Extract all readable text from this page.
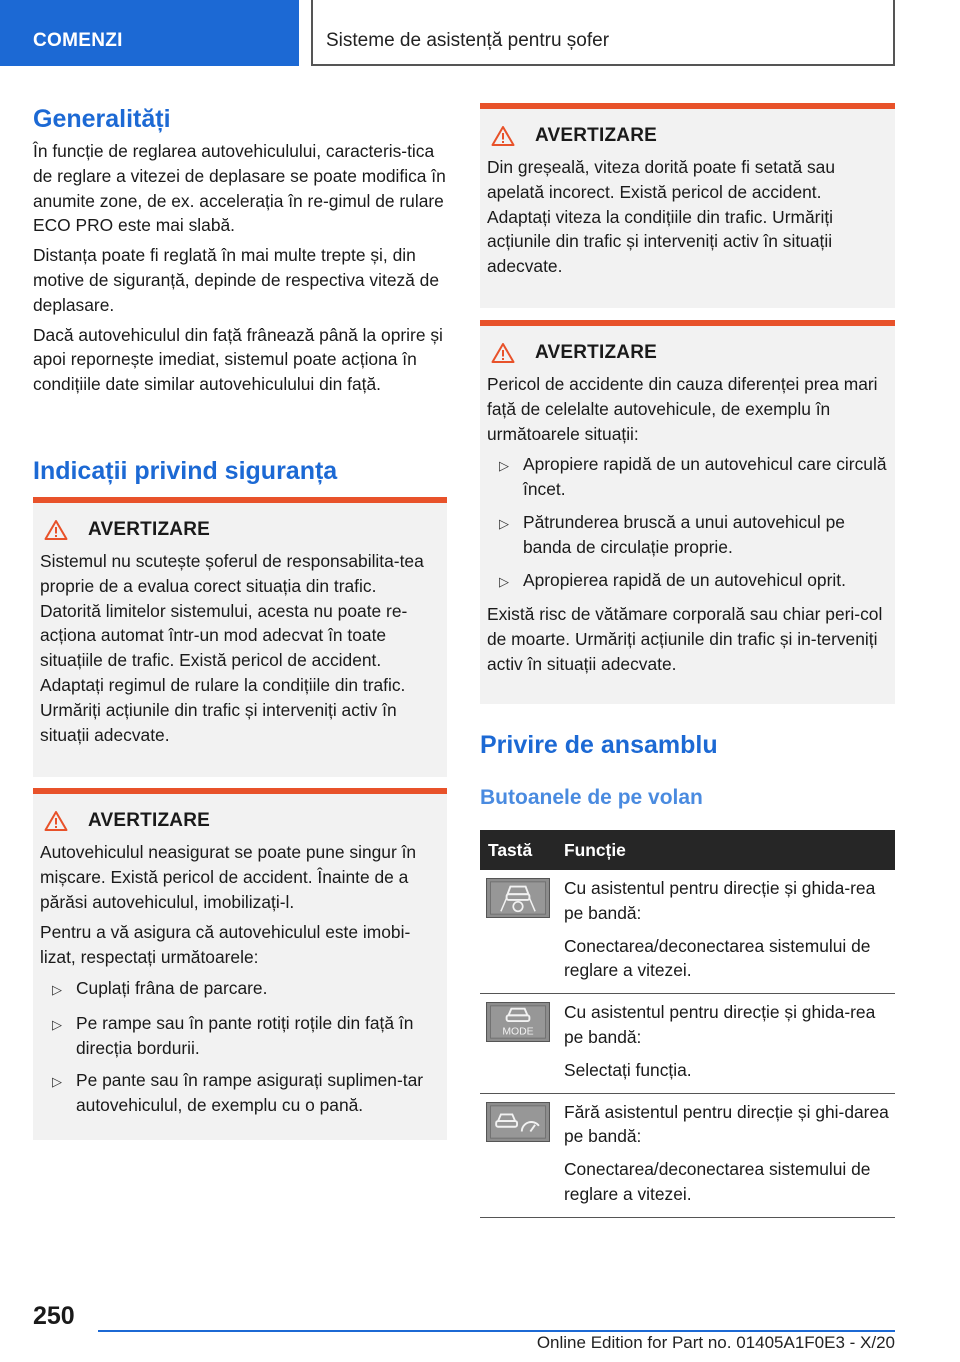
COMENZI	Sisteme de asistență pentru șofer
Generalități

În funcție de reglarea autovehiculului, caracteris-tica de reglare a vitezei de deplasare se poate modifica în anumite zone, de ex. accelerația în re-gimul de rulare ECO PRO este mai slabă.

Distanța poate fi reglată în mai multe trepte și, din motive de siguranță, depinde de respectiva viteză de deplasare.

Dacă autovehiculul din față frânează până la oprire și apoi repornește imediat, sistemul poate acționa în condițiile date similar autovehiculului din față.

Indicații privind siguranța
AVERTIZARE

Sistemul nu scutește șoferul de responsabilita-tea proprie de a evalua corect situația din trafic. Datorită limitelor sistemului, acesta nu poate re-acționa automat într-un mod adecvat în toate situațiile de trafic. Există pericol de accident. Adaptați regimul de rulare la condițiile din trafic. Urmăriți acțiunile din trafic și interveniți activ în situații adecvate.

AVERTIZARE

Autovehiculul neasigurat se poate pune singur în mișcare. Există pericol de accident. Înainte de a părăsi autovehiculul, imobilizați-l.

Pentru a vă asigura că autovehiculul este imobi-lizat, respectați următoarele:

▷ Cuplați frâna de parcare.
▷ Pe rampe sau în pante rotiți roțile din față în direcția bordurii.
▷ Pe pante sau în rampe asigurați suplimen-tar autovehiculul, de exemplu cu o pană.
AVERTIZARE

Din greșeală, viteza dorită poate fi setată sau apelată incorect. Există pericol de accident. Adaptați viteza la condițiile din trafic. Urmăriți acțiunile din trafic și interveniți activ în situații adecvate.

AVERTIZARE

Pericol de accidente din cauza diferenței prea mari față de celelalte autovehicule, de exemplu în următoarele situații:

▷ Apropiere rapidă de un autovehicul care circulă încet.
▷ Pătrunderea bruscă a unui autovehicul pe banda de circulație proprie.
▷ Apropierea rapidă de un autovehicul oprit.

Există risc de vătămare corporală sau chiar peri-col de moarte. Urmăriți acțiunile din trafic și in-terveniți activ în situații adecvate.

Privire de ansamblu
Butoanele de pe volan
Tastă	Funcție

Cu asistentul pentru direcție și ghida-rea pe bandă:
Conectarea/deconectarea sistemului de reglare a vitezei.

MODE	Cu asistentul pentru direcție și ghida-rea pe bandă:
Selectați funcția.

Fără asistentul pentru direcție și ghi-darea pe bandă:
Conectarea/deconectarea sistemului de reglare a vitezei.
250
Online Edition for Part no. 01405A1F0E3 - X/20
